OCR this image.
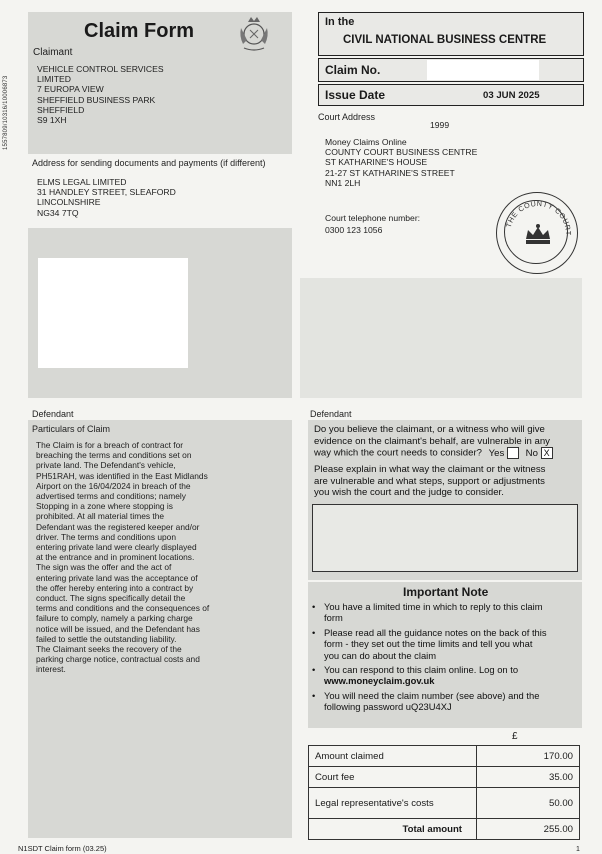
1557809/10316/10006873
Claim Form
Claimant
VEHICLE CONTROL SERVICES
LIMITED
7 EUROPA VIEW
SHEFFIELD BUSINESS PARK
SHEFFIELD
S9 1XH
Address for sending documents and payments (if different)
ELMS LEGAL LIMITED
31 HANDLEY STREET, SLEAFORD
LINCOLNSHIRE
NG34 7TQ
In the
CIVIL NATIONAL BUSINESS CENTRE
Claim No.
Issue Date	03 JUN 2025
Court Address
1999
Money Claims Online
COUNTY COURT BUSINESS CENTRE
ST KATHARINE'S HOUSE
21-27 ST KATHARINE'S STREET
NN1 2LH
Court telephone number:
0300 123 1056
THE COUNTY COURT
Defendant
Particulars of Claim
The Claim is for a breach of contract for
breaching the terms and conditions set on
private land. The Defendant's vehicle,
PH51RAH, was identified in the East Midlands
Airport on the 16/04/2024 in breach of the
advertised terms and conditions; namely
Stopping in a zone where stopping is
prohibited. At all material times the
Defendant was the registered keeper and/or
driver. The terms and conditions upon
entering private land were clearly displayed
at the entrance and in prominent locations.
The sign was the offer and the act of
entering private land was the acceptance of
the offer hereby entering into a contract by
conduct. The signs specifically detail the
terms and conditions and the consequences of
failure to comply, namely a parking charge
notice will be issued, and the Defendant has
failed to settle the outstanding liability.
The Claimant seeks the recovery of the
parking charge notice, contractual costs and
interest.
Defendant
Do you believe the claimant, or a witness who will give
evidence on the claimant's behalf, are vulnerable in any
way which the court needs to consider? Yes No X
Please explain in what way the claimant or the witness
are vulnerable and what steps, support or adjustments
you wish the court and the judge to consider.
Important Note
• You have a limited time in which to reply to this claim
form
• Please read all the guidance notes on the back of this
form - they set out the time limits and tell you what
you can do about the claim
• You can respond to this claim online. Log on to
www.moneyclaim.gov.uk
• You will need the claim number (see above) and the
following password uQ23U4XJ
£
Amount claimed	170.00
Court fee	35.00
Legal representative's costs	50.00
Total amount	255.00
N1SDT Claim form (03.25)	1
